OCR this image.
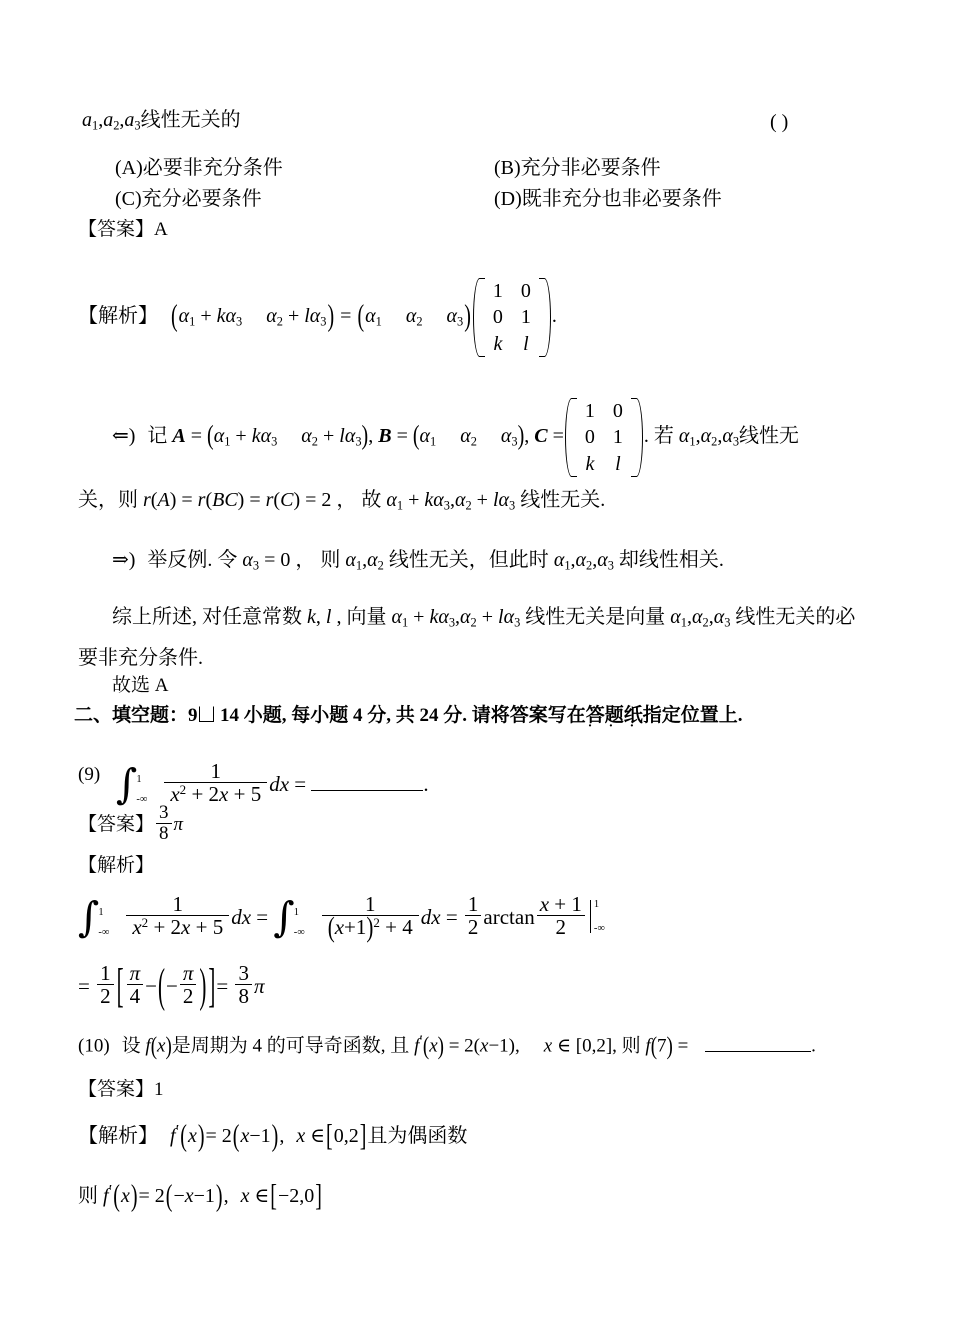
$a_1,a_2,a_3$线性无关的	( )
(A)必要非充分条件	(B)充分非必要条件
(C)充分必要条件	(D)既非充分也非必要条件
【答案】A
【解析】 ($\alpha_1 + k\alpha_3$ $\alpha_2 + l\alpha_3) = (\alpha_1$ $\alpha_2$ $\alpha_3$)
1	0
0	1
k	l
.
⇐) 记 $A = (\alpha_1 + k\alpha_3$ $\alpha_2 + l\alpha_3$), $B = (\alpha_1$ $\alpha_2$ $\alpha_3$), C =
1	0
0	1
k	l
. 若 $\alpha_1,\alpha_2,\alpha_3$线性无
关，则 r(A) = r(BC) = r(C) = 2 ， 故 $\alpha_1 + k\alpha_3,\alpha_2 + l\alpha_3$ 线性无关.
⇒) 举反例. 令 $\alpha_3 = 0$ ， 则 $\alpha_1,\alpha_2$ 线性无关，但此时 $\alpha_1,\alpha_2,\alpha_3$ 却线性相关.
综上所述, 对任意常数 k, l , 向量 $\alpha_1 + k\alpha_3,\alpha_2 + l\alpha_3$ 线性无关是向量 $\alpha_1,\alpha_2,\alpha_3$ 线性无关的必
要非充分条件.
故选 A
二、填空题：9 14 小题, 每小题 4 分, 共 24 分. 请将答案写在答题纸 · · ·指定位置上.
(9) ∫ 1
-∞ $\frac{1}{x^2 + 2x + 5}$ dx =	.
【答案】 $\frac{3}{8}$ π
【解析】
∫ 1
-∞ $\frac{1}{x^2 + 2x + 5}$ dx = ∫ 1
-∞ $\frac{1}{(x+1)^2 + 4}$ dx = $\frac{1}{2}$ $\arctan \frac{x + 1}{2} 1$
-∞
= $\frac{1}{2}$ [ $\frac{\pi}{4}$ −(− $\frac{\pi}{2}$ )]= $\frac{3}{8}$ π
(10) 设 f(x)是周期为 4 的可导奇函数, 且 f′(x) = 2(x−1), x ∈ [0,2], 则 f(7) =	.
【答案】1
【解析】 f′(x)= 2(x−1), x ∈[0,2]且为偶函数
则 f′(x)= 2(−x−1), x ∈[−2,0]
